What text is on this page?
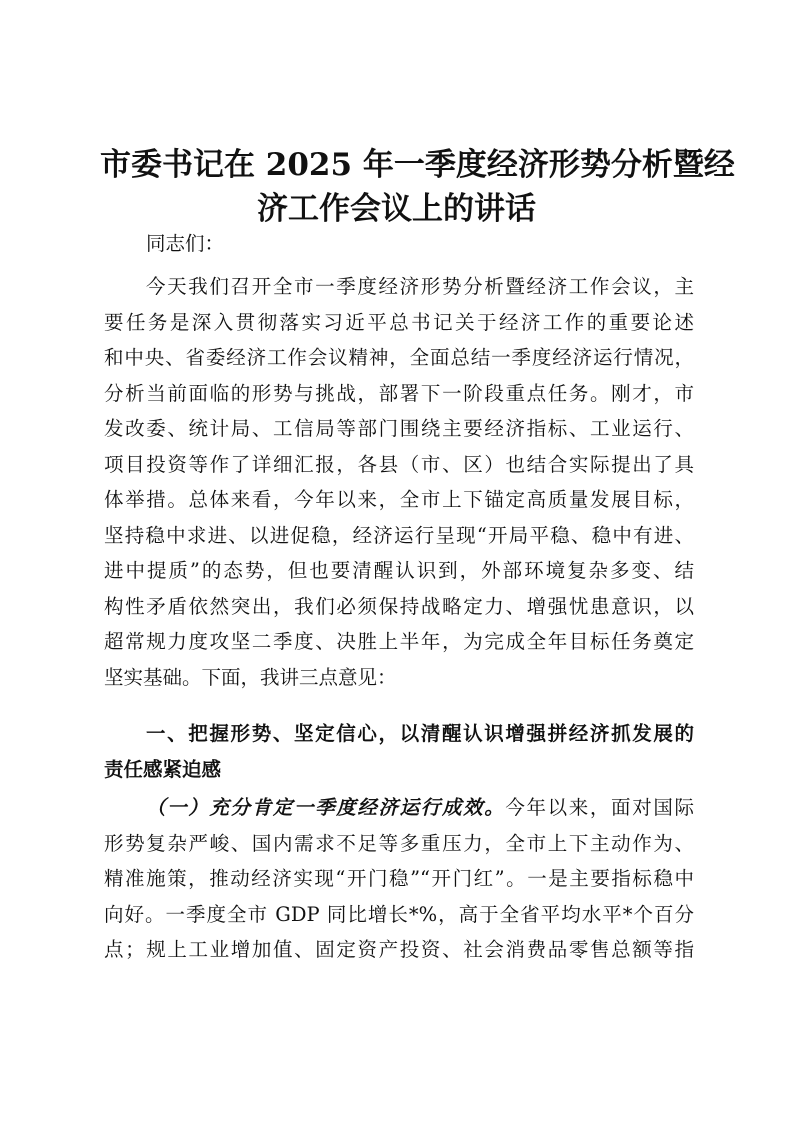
市委书记在 2025 年一季度经济形势分析暨经
济工作会议上的讲话

同志们：

今天我们召开全市一季度经济形势分析暨经济工作会议，主
要任务是深入贯彻落实习近平总书记关于经济工作的重要论述
和中央、省委经济工作会议精神，全面总结一季度经济运行情况，
分析当前面临的形势与挑战，部署下一阶段重点任务。刚才，市
发改委、统计局、工信局等部门围绕主要经济指标、工业运行、
项目投资等作了详细汇报，各县（市、区）也结合实际提出了具
体举措。总体来看，今年以来，全市上下锚定高质量发展目标，
坚持稳中求进、以进促稳，经济运行呈现“开局平稳、稳中有进、
进中提质”的态势，但也要清醒认识到，外部环境复杂多变、结
构性矛盾依然突出，我们必须保持战略定力、增强忧患意识，以
超常规力度攻坚二季度、决胜上半年，为完成全年目标任务奠定
坚实基础。下面，我讲三点意见：
一、把握形势、坚定信心，以清醒认识增强拼经济抓发展的
责任感紧迫感
（一）充分肯定一季度经济运行成效。今年以来，面对国际
形势复杂严峻、国内需求不足等多重压力，全市上下主动作为、
精准施策，推动经济实现“开门稳”“开门红”。一是主要指标稳中
向好。一季度全市 GDP 同比增长*%，高于全省平均水平*个百分
点；规上工业增加值、固定资产投资、社会消费品零售总额等指
